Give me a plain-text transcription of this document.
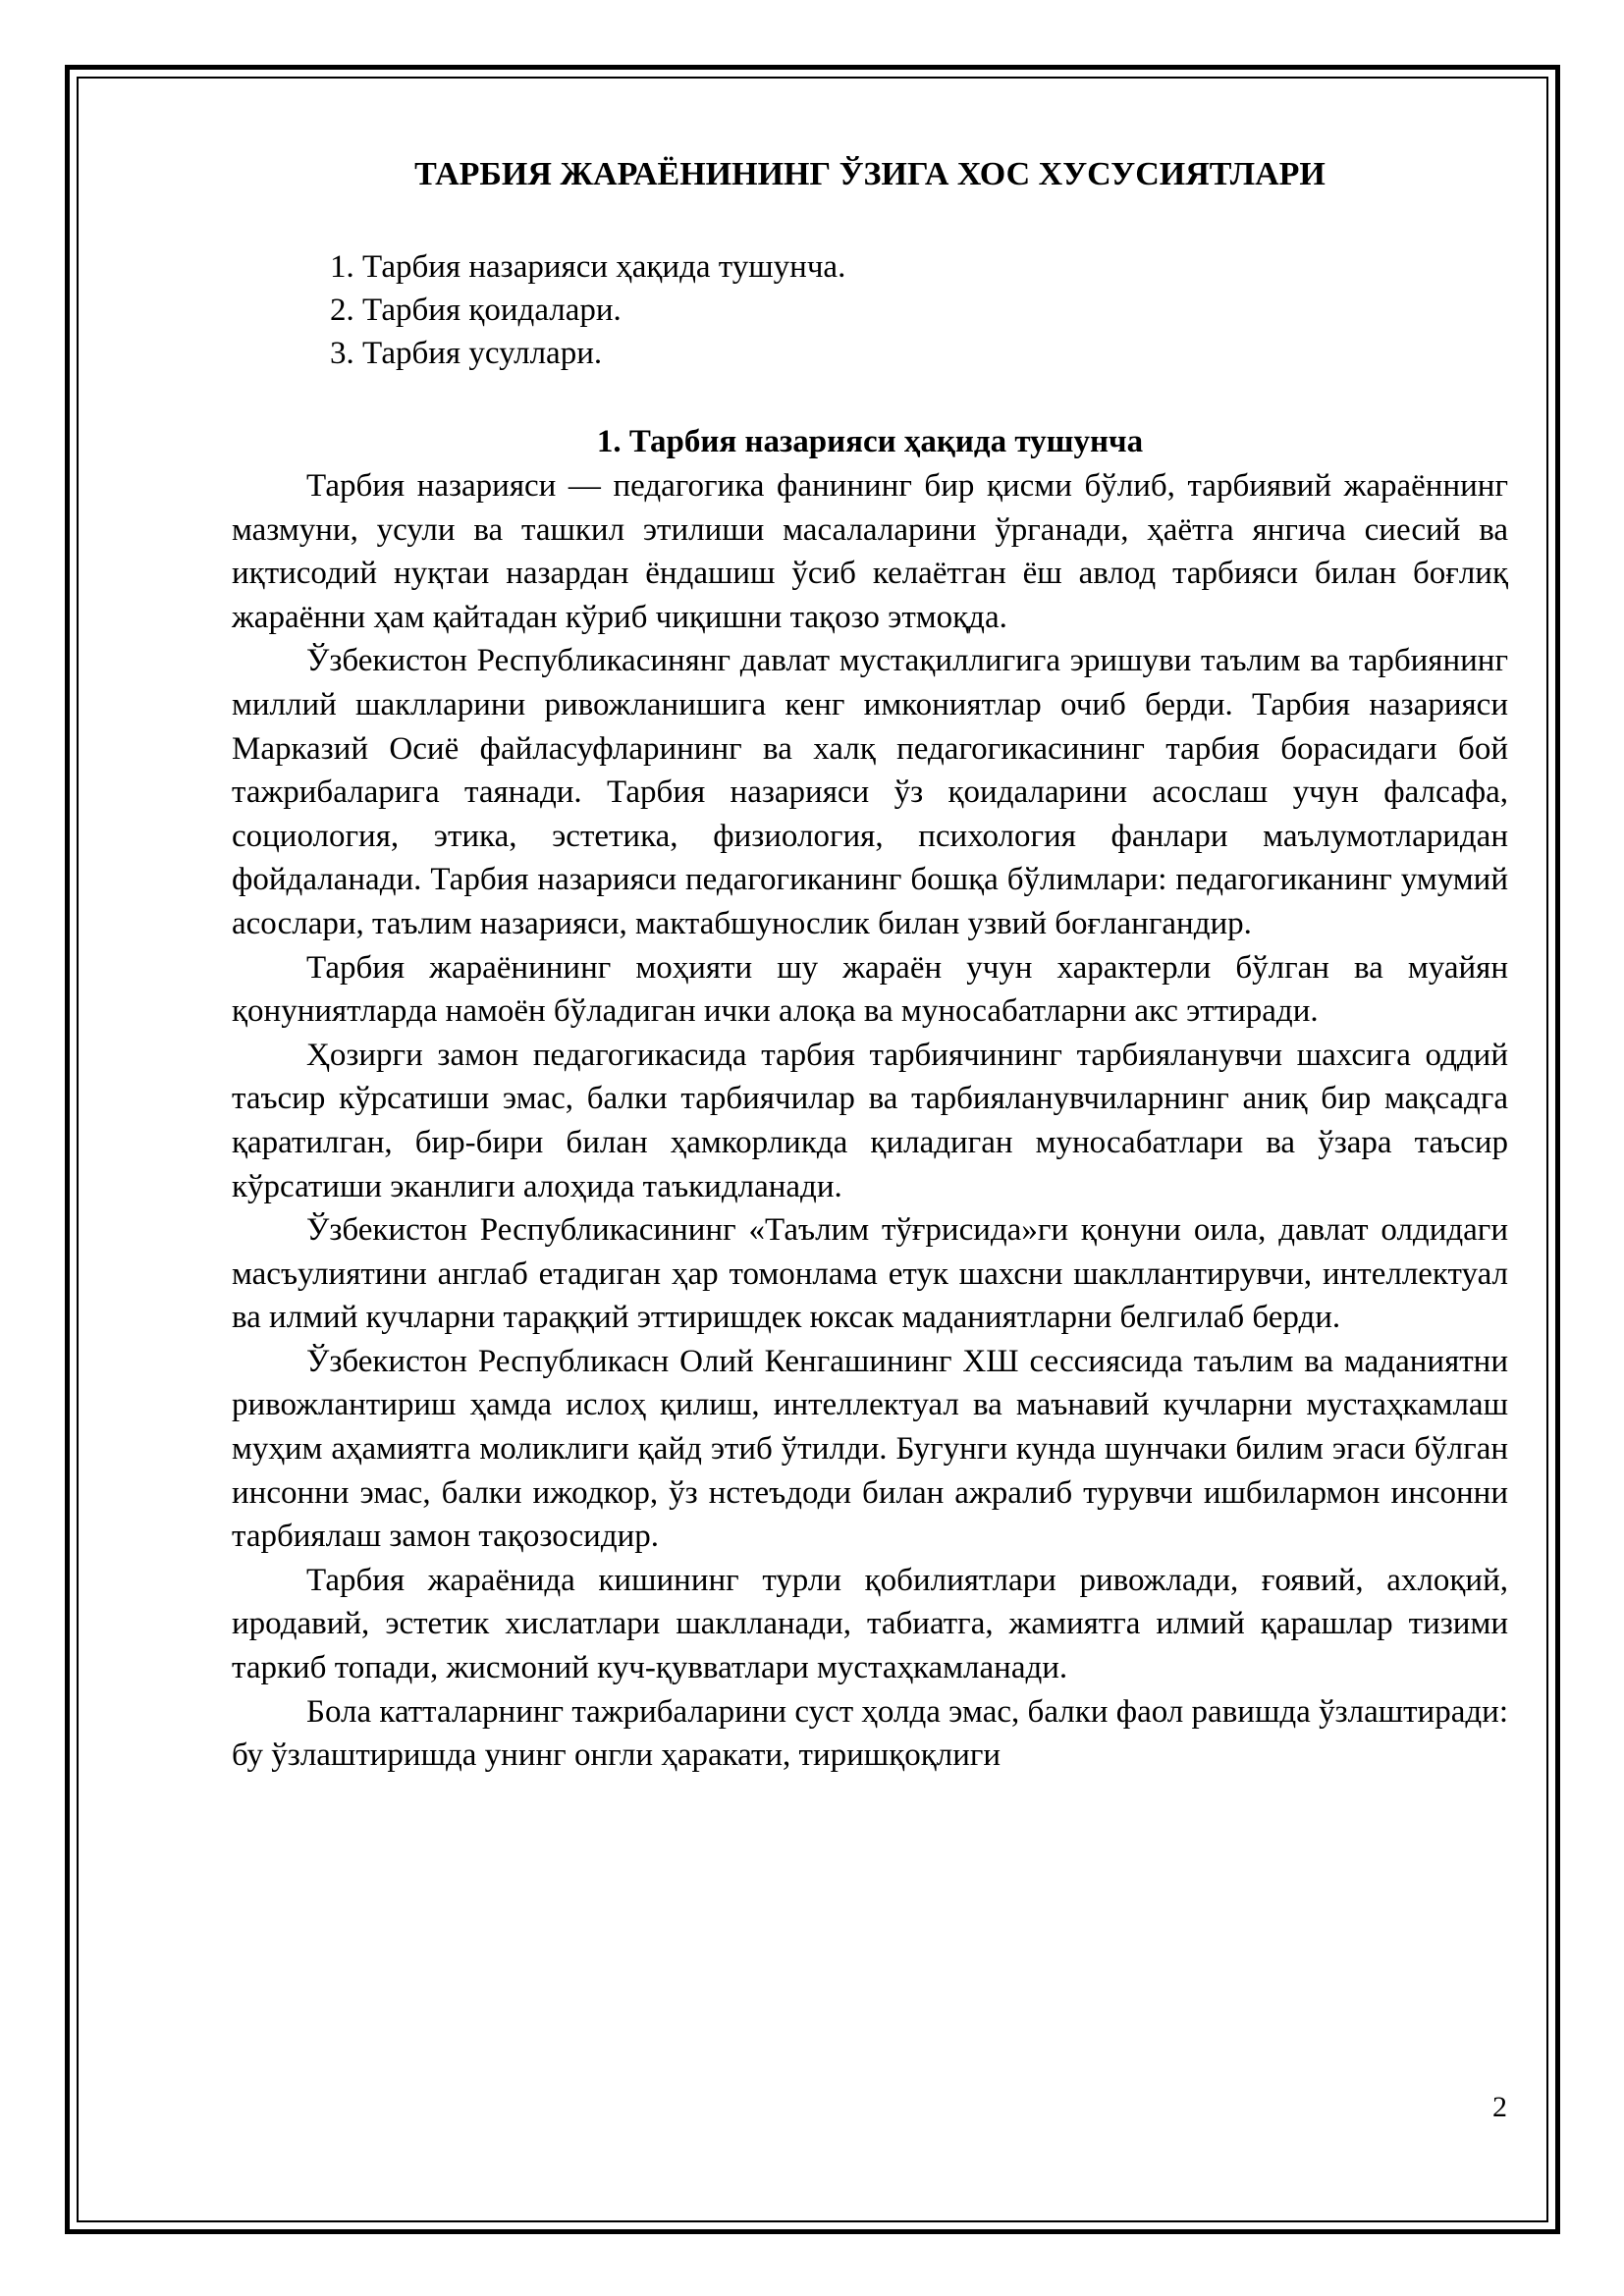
ТАРБИЯ ЖАРАЁНИНИНГ ЎЗИГА ХОС ХУСУСИЯТЛАРИ
1. Тарбия назарияси ҳақида тушунча.
2. Тарбия қоидалари.
3. Тарбия усуллари.
1. Тарбия назарияси ҳақида тушунча

Тарбия назарияси — педагогика фанининг бир қисми бўлиб, тарбиявий жараённинг мазмуни, усули ва ташкил этилиши масалаларини ўрганади, ҳаётга янгича сиесий ва иқтисодий нуқтаи назардан ёндашиш ўсиб келаётган ёш авлод тарбияси билан боғлиқ жараённи ҳам қайтадан кўриб чиқишни тақозо этмоқда.

Ўзбекистон Республикасинянг давлат мустақиллигига эришуви таълим ва тарбиянинг миллий шаклларини ривожланишига кенг имкониятлар очиб берди. Тарбия назарияси Марказий Осиё файласуфларининг ва халқ педагогикасининг тарбия борасидаги бой тажрибаларига таянади. Тарбия назарияси ўз қоидаларини асослаш учун фалсафа, социология, этика, эстетика, физиология, психология фанлари маълумотларидан фойдаланади. Тарбия назарияси педагогиканинг бошқа бўлимлари: педагогиканинг умумий асослари, таълим назарияси, мактабшунослик билан узвий боғлангандир.

Тарбия жараёнининг моҳияти шу жараён учун характерли бўлган ва муайян қонуниятларда намоён бўладиган ички алоқа ва муносабатларни акс эттиради.

Ҳозирги замон педагогикасида тарбия тарбиячининг тарбияланувчи шахсига оддий таъсир кўрсатиши эмас, балки тарбиячилар ва тарбияланувчиларнинг аниқ бир мақсадга қаратилган, бир-бири билан ҳамкорликда қиладиган муносабатлари ва ўзара таъсир кўрсатиши эканлиги алоҳида таъкидланади.

Ўзбекистон Республикасининг «Таълим тўғрисида»ги қонуни оила, давлат олдидаги масъулиятини англаб етадиган ҳар томонлама етук шахсни шакллантирувчи, интеллектуал ва илмий кучларни тараққий эттиришдек юксак маданиятларни белгилаб берди.

Ўзбекистон Республикасн Олий Кенгашининг ХШ сессиясида таълим ва маданиятни ривожлантириш ҳамда ислоҳ қилиш, интеллектуал ва маънавий кучларни мустаҳкамлаш муҳим аҳамиятга моликлиги қайд этиб ўтилди. Бугунги кунда шунчаки билим эгаси бўлган инсонни эмас, балки ижодкор, ўз нстеъдоди билан ажралиб турувчи ишбилармон инсонни тарбиялаш замон тақозосидир.

Тарбия жараёнида кишининг турли қобилиятлари ривожлади, ғоявий, ахлоқий, иродавий, эстетик хислатлари шаклланади, табиатга, жамиятга илмий қарашлар тизими таркиб топади, жисмоний куч-қувватлари мустаҳкамланади.

Бола катталарнинг тажрибаларини суст ҳолда эмас, балки фаол равишда ўзлаштиради: бу ўзлаштиришда унинг онгли ҳаракати, тиришқоқлиги

2
